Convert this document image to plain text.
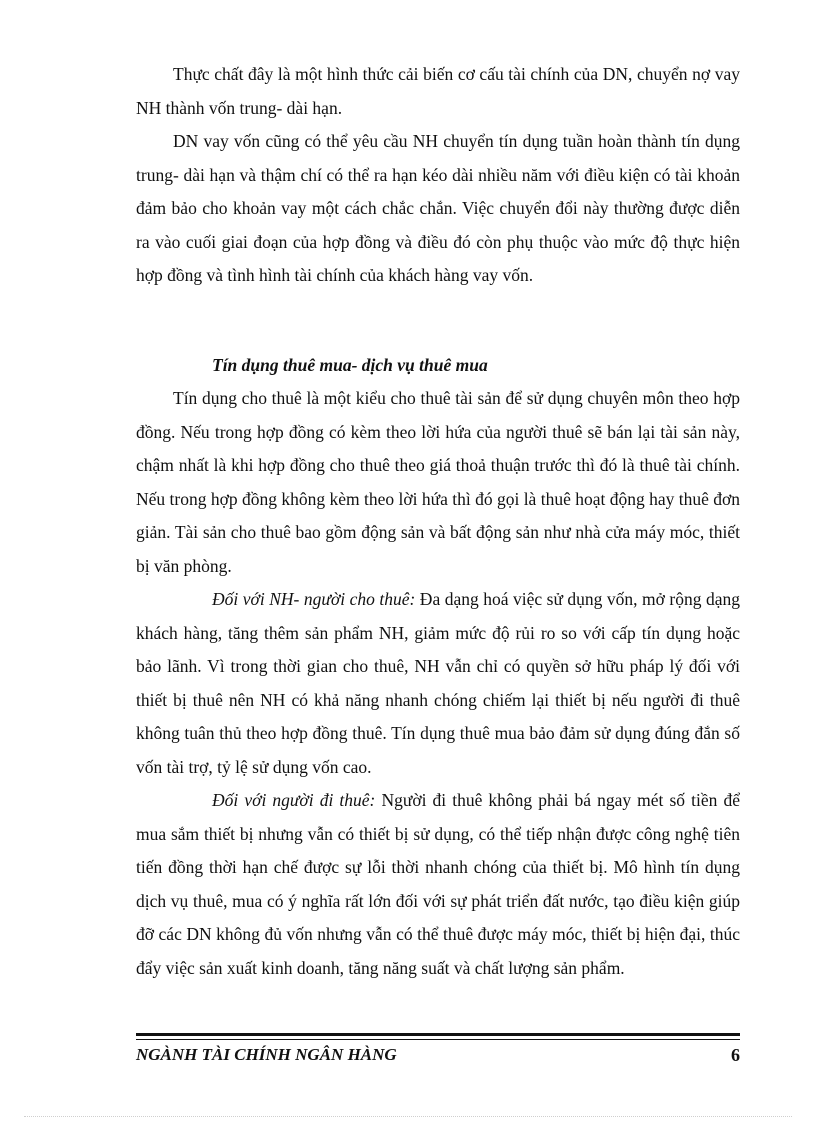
Thực chất đây là một hình thức cải biến cơ cấu tài chính của DN, chuyển nợ vay NH thành vốn trung- dài hạn.

DN vay vốn cũng có thể yêu cầu NH chuyển tín dụng tuần hoàn thành tín dụng trung- dài hạn và thậm chí có thể ra hạn kéo dài nhiều năm với điều kiện có tài khoản đảm bảo cho khoản vay một cách chắc chắn. Việc chuyển đổi này thường được diễn ra vào cuối giai đoạn của hợp đồng và điều đó còn phụ thuộc vào mức độ thực hiện hợp đồng và tình hình tài chính của khách hàng vay vốn.

Tín dụng thuê mua- dịch vụ thuê mua

Tín dụng cho thuê là một kiểu cho thuê tài sản để sử dụng chuyên môn theo hợp đồng. Nếu trong hợp đồng có kèm theo lời hứa của người thuê sẽ bán lại tài sản này, chậm nhất là khi hợp đồng cho thuê theo giá thoả thuận trước thì đó là thuê tài chính. Nếu trong hợp đồng không kèm theo lời hứa thì đó gọi là thuê hoạt động hay thuê đơn giản. Tài sản cho thuê bao gồm động sản và bất động sản như nhà cửa máy móc, thiết bị văn phòng.

Đối với NH- người cho thuê: Đa dạng hoá việc sử dụng vốn, mở rộng dạng khách hàng, tăng thêm sản phẩm NH, giảm mức độ rủi ro so với cấp tín dụng hoặc bảo lãnh. Vì trong thời gian cho thuê, NH vẫn chỉ có quyền sở hữu pháp lý đối với thiết bị thuê nên NH có khả năng nhanh chóng chiếm lại thiết bị nếu người đi thuê không tuân thủ theo hợp đồng thuê. Tín dụng thuê mua bảo đảm sử dụng đúng đắn số vốn tài trợ, tỷ lệ sử dụng vốn cao.

Đối với người đi thuê: Người đi thuê không phải bá ngay mét số tiền để mua sắm thiết bị nhưng vẫn có thiết bị sử dụng, có thể tiếp nhận được công nghệ tiên tiến đồng thời hạn chế được sự lỗi thời nhanh chóng của thiết bị. Mô hình tín dụng dịch vụ thuê, mua có ý nghĩa rất lớn đối với sự phát triển đất nước, tạo điều kiện giúp đỡ các DN không đủ vốn nhưng vẫn có thể thuê được máy móc, thiết bị hiện đại, thúc đẩy việc sản xuất kinh doanh, tăng năng suất và chất lượng sản phẩm.

NGÀNH TÀI CHÍNH NGÂN HÀNG	6
